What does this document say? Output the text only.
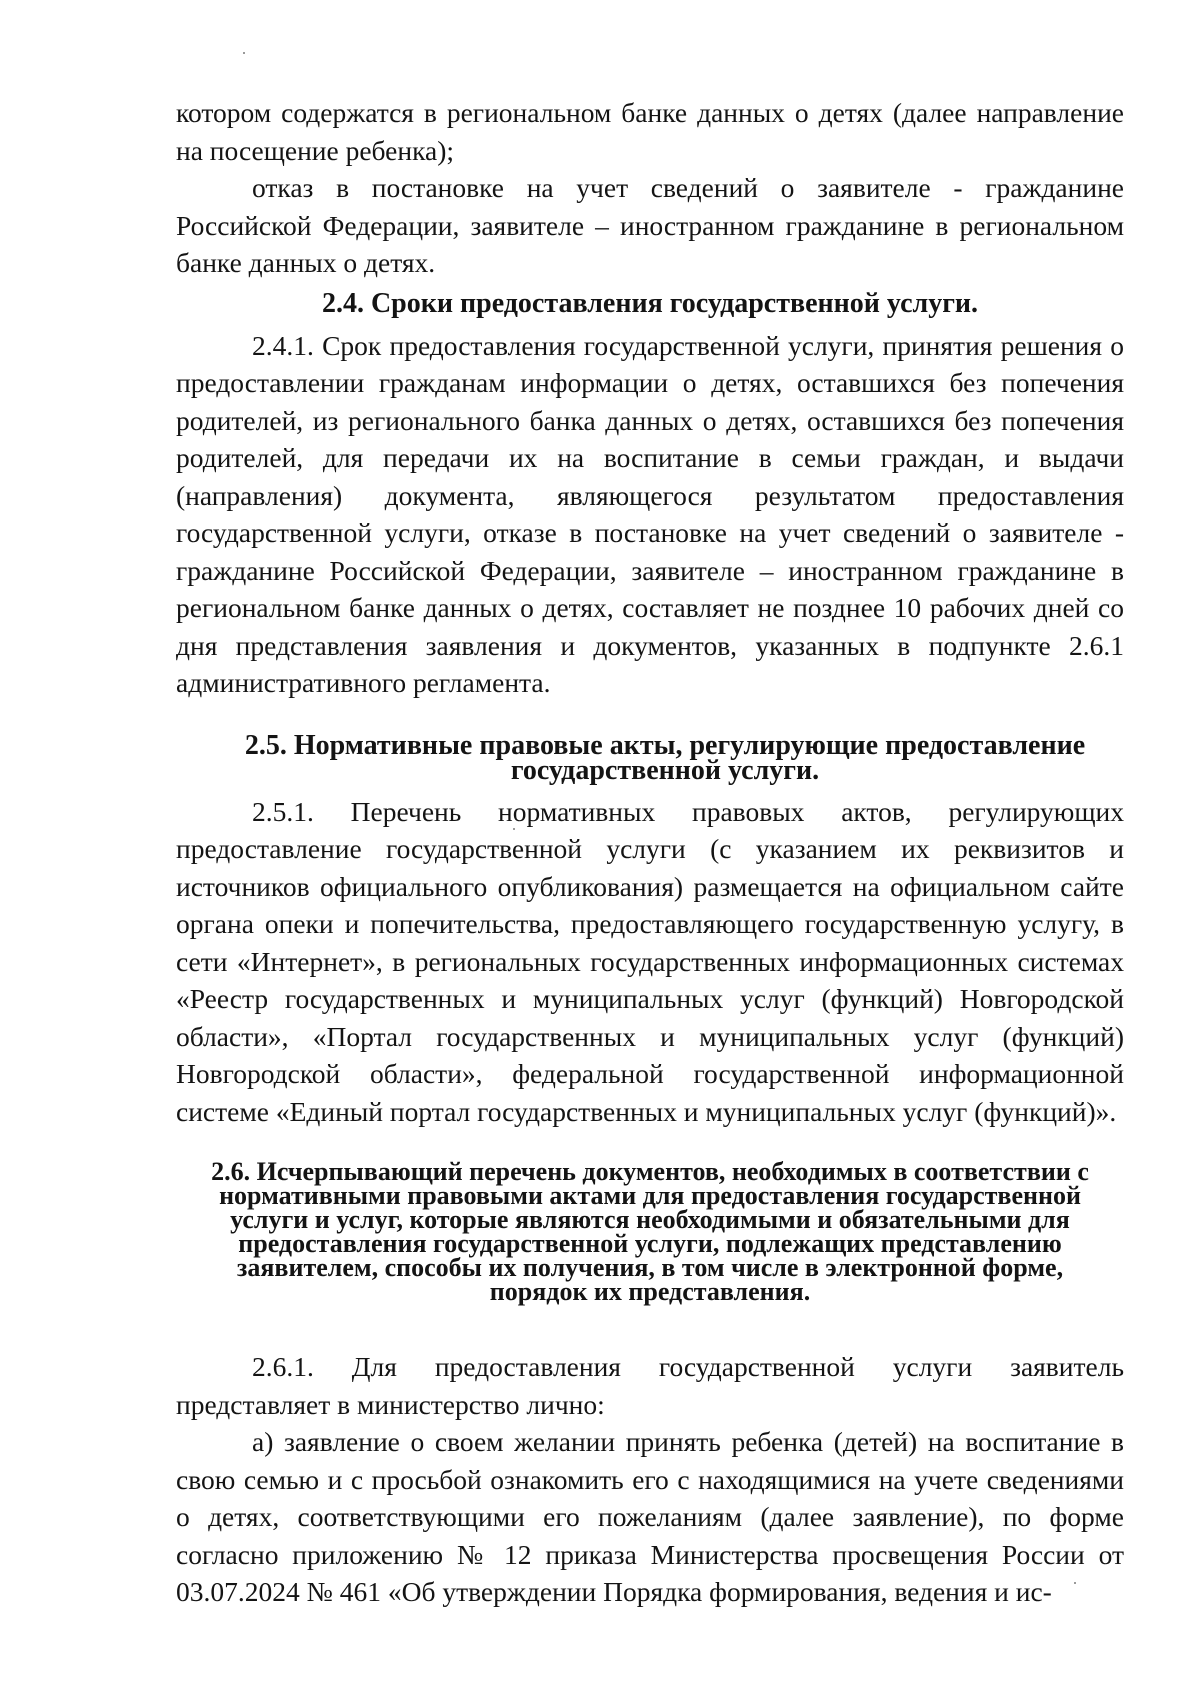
котором содержатся в региональном банке данных о детях (далее направление на посещение ребенка);

отказ в постановке на учет сведений о заявителе - гражданине Российской Федерации, заявителе – иностранном гражданине в региональном банке данных о детях.

2.4. Сроки предоставления государственной услуги.

2.4.1. Срок предоставления государственной услуги, принятия решения о предоставлении гражданам информации о детях, оставшихся без попечения родителей, из регионального банка данных о детях, оставшихся без попечения родителей, для передачи их на воспитание в семьи граждан, и выдачи (направления) документа, являющегося результатом предоставления государственной услуги, отказе в постановке на учет сведений о заявителе - гражданине Российской Федерации, заявителе – иностранном гражданине в региональном банке данных о детях, составляет не позднее 10 рабочих дней со дня представления заявления и документов, указанных в подпункте 2.6.1 административного регламента.

2.5. Нормативные правовые акты, регулирующие предоставление государственной услуги.

2.5.1. Перечень нормативных правовых актов, регулирующих предоставление государственной услуги (с указанием их реквизитов и источников официального опубликования) размещается на официальном сайте органа опеки и попечительства, предоставляющего государственную услугу, в сети «Интернет», в региональных государственных информационных системах «Реестр государственных и муниципальных услуг (функций) Новгородской области», «Портал государственных и муниципальных услуг (функций) Новгородской области», федеральной государственной информационной системе «Единый портал государственных и муниципальных услуг (функций)».

2.6. Исчерпывающий перечень документов, необходимых в соответствии с нормативными правовыми актами для предоставления государственной услуги и услуг, которые являются необходимыми и обязательными для предоставления государственной услуги, подлежащих представлению заявителем, способы их получения, в том числе в электронной форме, порядок их представления.

2.6.1. Для предоставления государственной услуги заявитель представляет в министерство лично:

а) заявление о своем желании принять ребенка (детей) на воспитание в свою семью и с просьбой ознакомить его с находящимися на учете сведениями о детях, соответствующими его пожеланиям (далее заявление), по форме согласно приложению № 12 приказа Министерства просвещения России от 03.07.2024 № 461 «Об утверждении Порядка формирования, ведения и ис-
